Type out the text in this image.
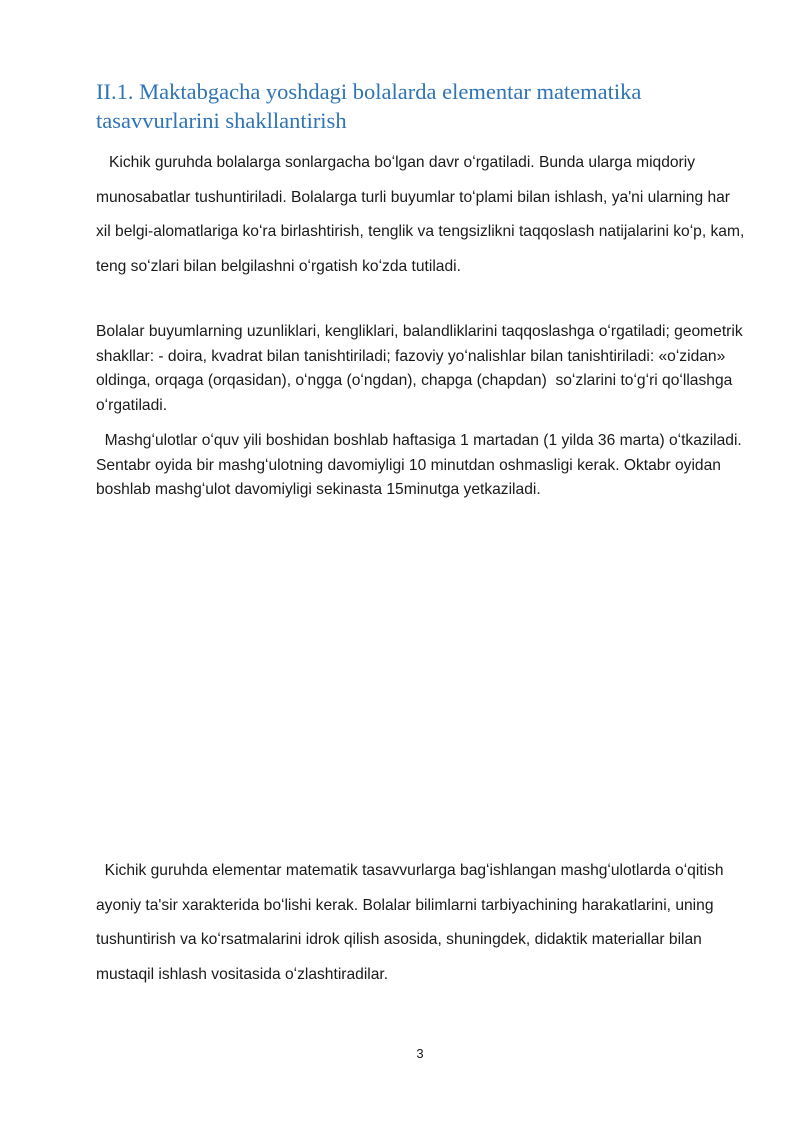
II.1. Maktabgacha yoshdagi bolalarda elementar matematika tasavvurlarini shakllantirish

Kichik guruhda bolalarga sonlargacha boʻlgan davr oʻrgatiladi. Bunda ularga miqdoriy munosabatlar tushuntiriladi. Bolalarga turli buyumlar toʻplami bilan ishlash, ya'ni ularning har xil belgi-alomatlariga koʻra birlashtirish, tenglik va tengsizlikni taqqoslash natijalarini koʻp, kam, teng soʻzlari bilan belgilashni oʻrgatish koʻzda tutiladi.

Bolalar buyumlarning uzunliklari, kengliklari, balandliklarini taqqoslashga oʻrgatiladi; geometrik shakllar: - doira, kvadrat bilan tanishtiriladi; fazoviy yoʻnalishlar bilan tanishtiriladi: «oʻzidan» oldinga, orqaga (orqasidan), oʻngga (oʻngdan), chapga (chapdan)  soʻzlarini toʻgʻri qoʻllashga oʻrgatiladi.

Mashgʻulotlar oʻquv yili boshidan boshlab haftasiga 1 martadan (1 yilda 36 marta) oʻtkaziladi. Sentabr oyida bir mashgʻulotning davomiyligi 10 minutdan oshmasligi kerak. Oktabr oyidan boshlab mashgʻulot davomiyligi sekinasta 15minutga yetkaziladi.

Kichik guruhda elementar matematik tasavvurlarga bagʻishlangan mashgʻulotlarda oʻqitish ayoniy ta'sir xarakterida boʻlishi kerak. Bolalar bilimlarni tarbiyachining harakatlarini, uning tushuntirish va koʻrsatmalarini idrok qilish asosida, shuningdek, didaktik materiallar bilan mustaqil ishlash vositasida oʻzlashtiradilar.

3
